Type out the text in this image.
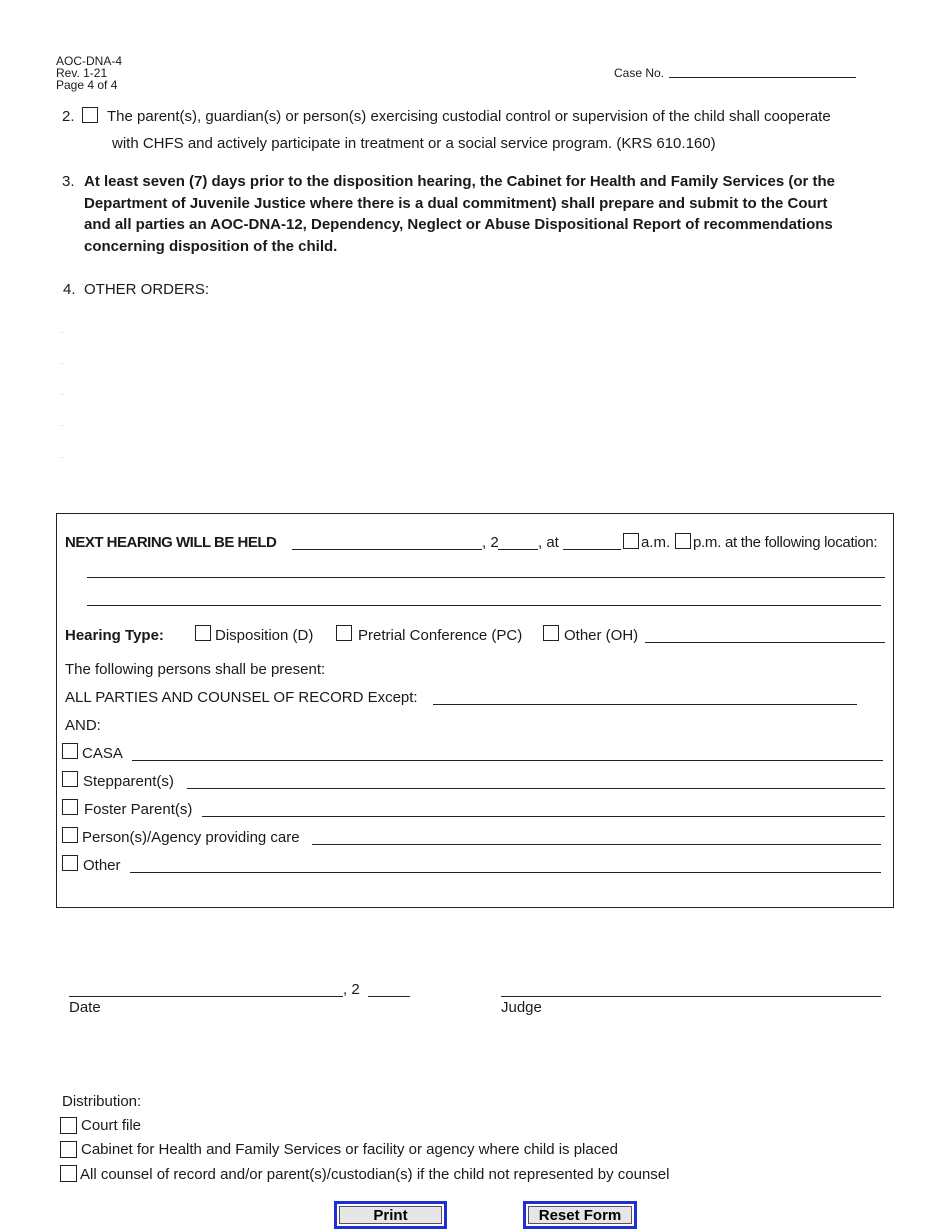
AOC-DNA-4
Rev. 1-21
Page 4 of 4
Case No.
2. The parent(s), guardian(s) or person(s) exercising custodial control or supervision of the child shall cooperate
with CHFS and actively participate in treatment or a social service program. (KRS 610.160)
3. At least seven (7) days prior to the disposition hearing, the Cabinet for Health and Family Services (or the
Department of Juvenile Justice where there is a dual commitment) shall prepare and submit to the Court
and all parties an AOC-DNA-12, Dependency, Neglect or Abuse Dispositional Report of recommendations
concerning disposition of the child.
4. OTHER ORDERS:
NEXT HEARING WILL BE HELD	, 2	, at	a.m. p.m. at the following location:
Hearing Type:	Disposition (D)	Pretrial Conference (PC)	Other (OH)
The following persons shall be present:
ALL PARTIES AND COUNSEL OF RECORD Except:
AND:
CASA
Stepparent(s)
Foster Parent(s)
Person(s)/Agency providing care
Other
, 2
Date	Judge
Distribution:
Court file
Cabinet for Health and Family Services or facility or agency where child is placed
All counsel of record and/or parent(s)/custodian(s) if the child not represented by counsel
Print	Reset Form
